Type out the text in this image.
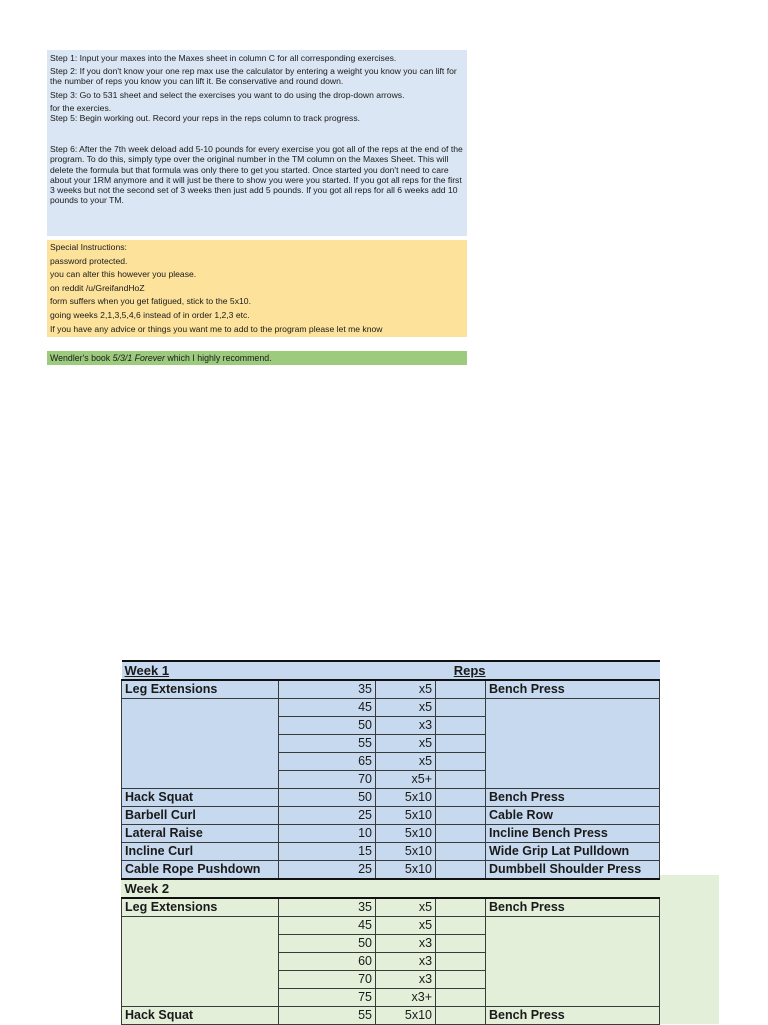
Step 1: Input your maxes into the Maxes sheet in column C for all corresponding exercises.

Step 2: If you don't know your one rep max use the calculator by entering a weight you know you can lift for the number of reps you know you can lift it. Be conservative and round down.

Step 3: Go to 531 sheet and select the exercises you want to do using the drop-down arrows.

for the exercies.

Step 5: Begin working out. Record your reps in the reps column to track progress.

Step 6: After the 7th week deload add 5-10 pounds for every exercise you got all of the reps at the end of the program. To do this, simply type over the original number in the TM column on the Maxes Sheet. This will delete the formula but that formula was only there to get you started. Once started you don't need to care about your 1RM anymore and it will just be there to show you were you started. If you got all reps for the first 3 weeks but not the second set of 3 weeks then just add 5 pounds. If you got all reps for all 6 weeks add 10 pounds to your TM.

Special Instructions:

password protected.

you can alter this however you please.

on reddit /u/GreifandHoZ

form suffers when you get fatigued, stick to the 5x10.

going weeks 2,1,3,5,4,6 instead of in order 1,2,3 etc.

If you have any advice or things you want me to add to the program please let me know

Wendler's book 5/3/1 Forever which I highly recommend.
Week 1		Reps		
Leg Extensions	35	x5		Bench Press
	45	x5		
	50	x3		
	55	x5		
	65	x5		
	70	x5+		
Hack Squat	50	5x10		Bench Press
Barbell Curl	25	5x10		Cable Row
Lateral Raise	10	5x10		Incline Bench Press
Incline Curl	15	5x10		Wide Grip Lat Pulldown
Cable Rope Pushdown	25	5x10		Dumbbell Shoulder Press
Week 2				
Leg Extensions	35	x5		Bench Press
	45	x5		
	50	x3		
	60	x3		
	70	x3		
	75	x3+		
Hack Squat	55	5x10		Bench Press
